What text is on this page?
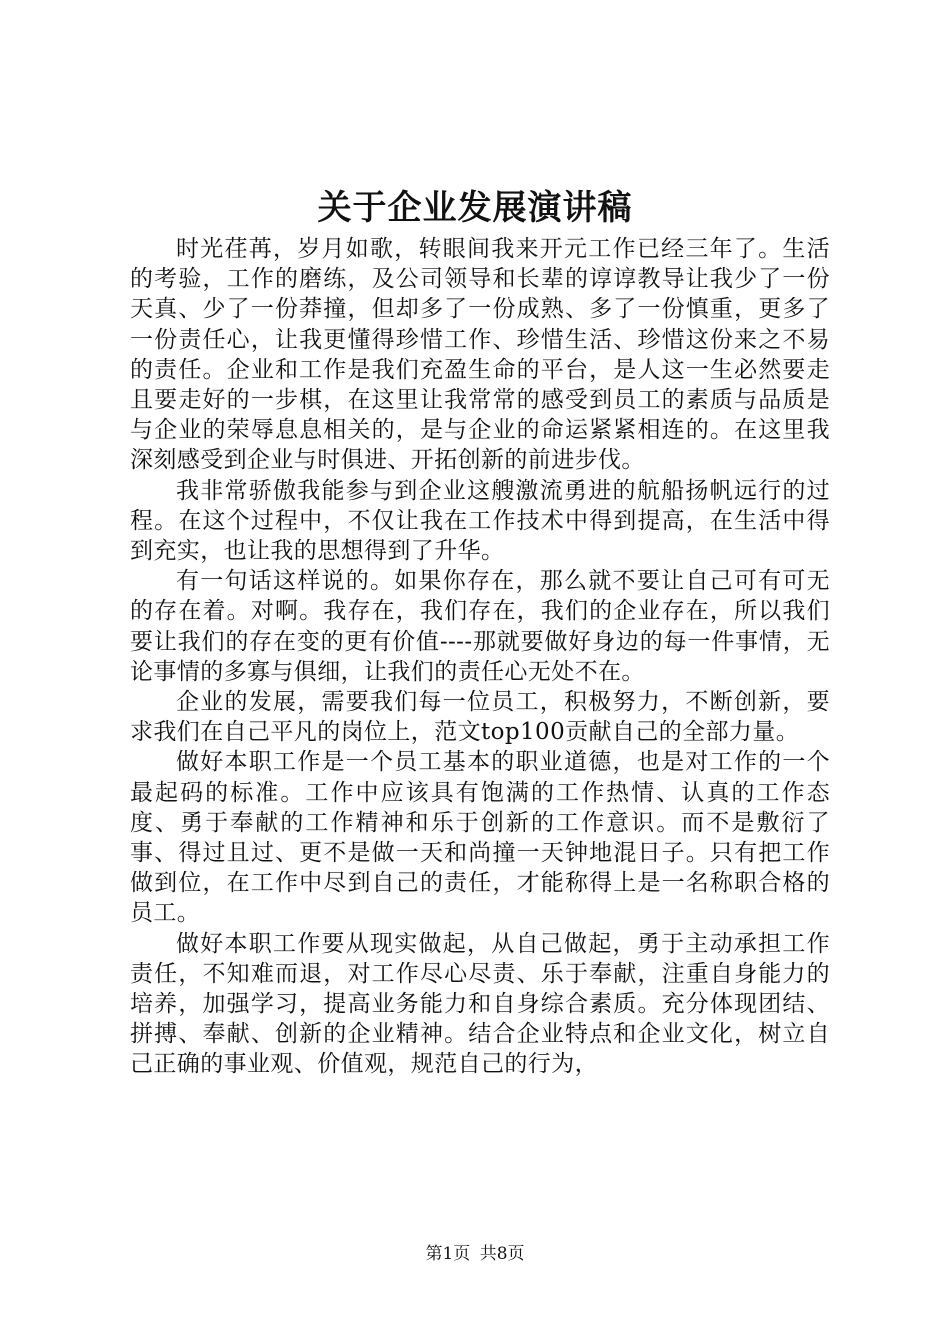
关于企业发展演讲稿

时光荏苒，岁月如歌，转眼间我来开元工作已经三年了。生活的考验，工作的磨练，及公司领导和长辈的谆谆教导让我少了一份天真、少了一份莽撞，但却多了一份成熟、多了一份慎重，更多了一份责任心，让我更懂得珍惜工作、珍惜生活、珍惜这份来之不易的责任。企业和工作是我们充盈生命的平台，是人这一生必然要走且要走好的一步棋，在这里让我常常的感受到员工的素质与品质是与企业的荣辱息息相关的，是与企业的命运紧紧相连的。在这里我深刻感受到企业与时俱进、开拓创新的前进步伐。

我非常骄傲我能参与到企业这艘激流勇进的航船扬帆远行的过程。在这个过程中，不仅让我在工作技术中得到提高，在生活中得到充实，也让我的思想得到了升华。

有一句话这样说的。如果你存在，那么就不要让自己可有可无的存在着。对啊。我存在，我们存在，我们的企业存在，所以我们要让我们的存在变的更有价值----那就要做好身边的每一件事情，无论事情的多寡与俱细，让我们的责任心无处不在。

企业的发展，需要我们每一位员工，积极努力，不断创新，要求我们在自己平凡的岗位上，范文top100贡献自己的全部力量。

做好本职工作是一个员工基本的职业道德，也是对工作的一个最起码的标准。工作中应该具有饱满的工作热情、认真的工作态度、勇于奉献的工作精神和乐于创新的工作意识。而不是敷衍了事、得过且过、更不是做一天和尚撞一天钟地混日子。只有把工作做到位，在工作中尽到自己的责任，才能称得上是一名称职合格的员工。

做好本职工作要从现实做起，从自己做起，勇于主动承担工作责任，不知难而退，对工作尽心尽责、乐于奉献，注重自身能力的培养，加强学习，提高业务能力和自身综合素质。充分体现团结、拼搏、奉献、创新的企业精神。结合企业特点和企业文化，树立自己正确的事业观、价值观，规范自己的行为，

第1页 共8页
